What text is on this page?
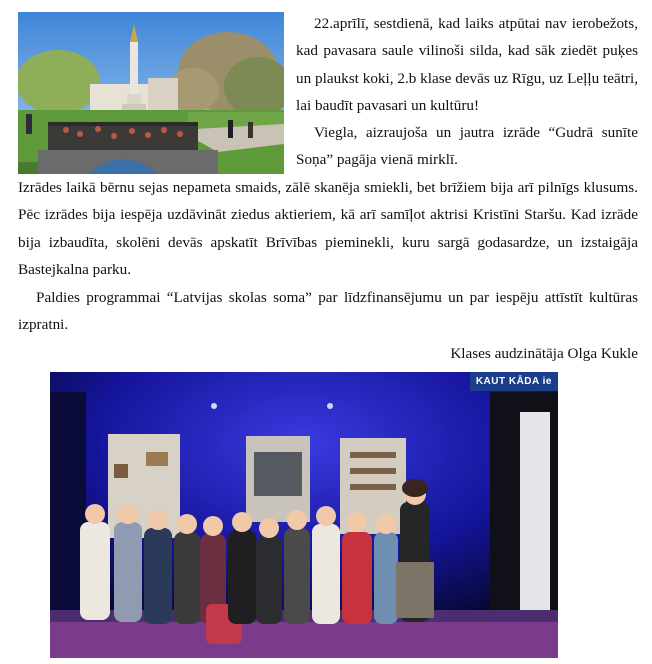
22.aprīlī, sestdienā, kad laiks atpūtai nav ierobežots, kad pavasara saule vilinoši silda, kad sāk ziedēt puķes un plaukst koki, 2.b klase devās uz Rīgu, uz Leļļu teātri, lai baudīt pavasari un kultūru!

Viegla, aizraujoša un jautra izrāde “Gudrā sunīte Soņa” pagāja vienā mirklī.

Izrādes laikā bērnu sejas nepameta smaids, zālē skanēja smiekli, bet brīžiem bija arī pilnīgs klusums. Pēc izrādes bija iespēja uzdāvināt ziedus aktieriem, kā arī samīļot aktrisi Kristīni Staršu. Kad izrāde bija izbaudīta, skolēni devās apskatīt Brīvības pieminekli, kuru sargā godasardze, un izstaigāja Bastejkalna parku.

Paldies programmai “Latvijas skolas soma” par līdzfinansējumu un par iespēju attīstīt kultūras izpratni.

Klases audzinātāja Olga Kukle
KAUT KĀDA ie
